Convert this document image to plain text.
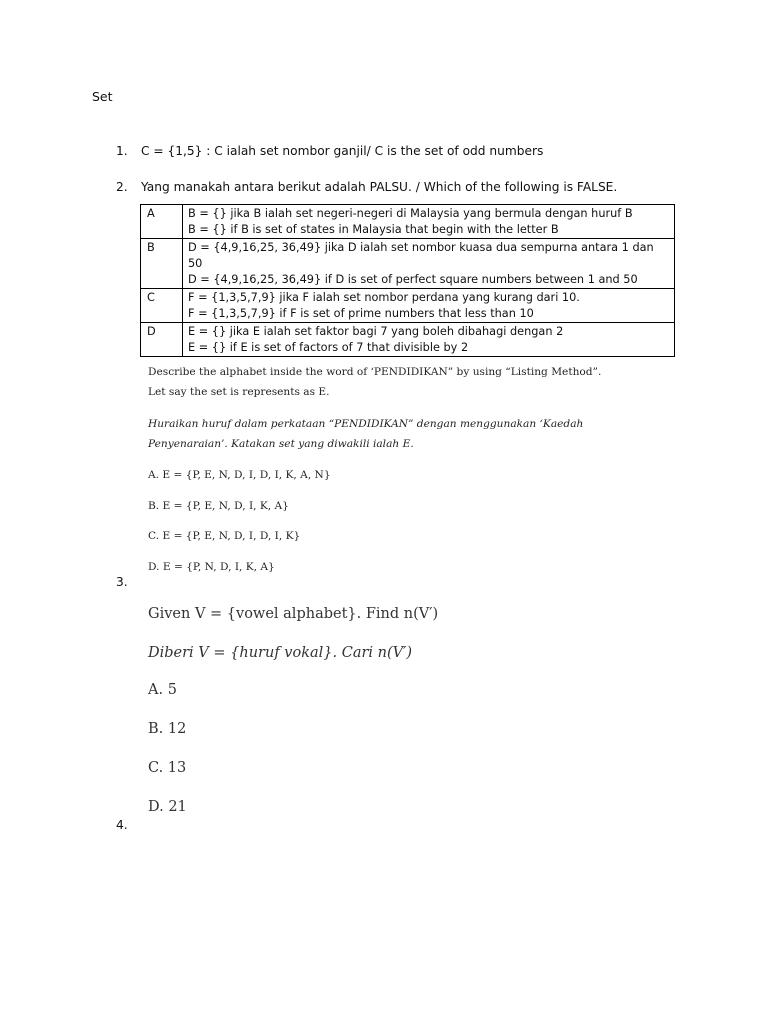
Set
1. C = {1,5} : C ialah set nombor ganjil/ C is the set of odd numbers
2. Yang manakah antara berikut adalah PALSU. / Which of the following is FALSE.
A	B = {} jika B ialah set negeri-negeri di Malaysia yang bermula dengan huruf B
B = {} if B is set of states in Malaysia that begin with the letter B

B	D = {4,9,16,25, 36,49} jika D ialah set nombor kuasa dua sempurna antara 1 dan 50
D = {4,9,16,25, 36,49} if D is set of perfect square numbers between 1 and 50

C	F = {1,3,5,7,9} jika F ialah set nombor perdana yang kurang dari 10.
F = {1,3,5,7,9} if F is set of prime numbers that less than 10

D	E = {} jika E ialah set faktor bagi 7 yang boleh dibahagi dengan 2
E = {} if E is set of factors of 7 that divisible by 2
Describe the alphabet inside the word of ‘PENDIDIKAN” by using “Listing Method”.
Let say the set is represents as E.
Huraikan huruf dalam perkataan “PENDIDIKAN” dengan menggunakan ‘Kaedah
Penyenaraian’. Katakan set yang diwakili ialah E.
A. E = {P, E, N, D, I, D, I, K, A, N}
B. E = {P, E, N, D, I, K, A}
C. E = {P, E, N, D, I, D, I, K}
D. E = {P, N, D, I, K, A}
3.
Given V = {vowel alphabet}. Find n(V′)
Diberi V = {huruf vokal}. Cari n(V′)
A. 5
B. 12
C. 13
D. 21
4.
